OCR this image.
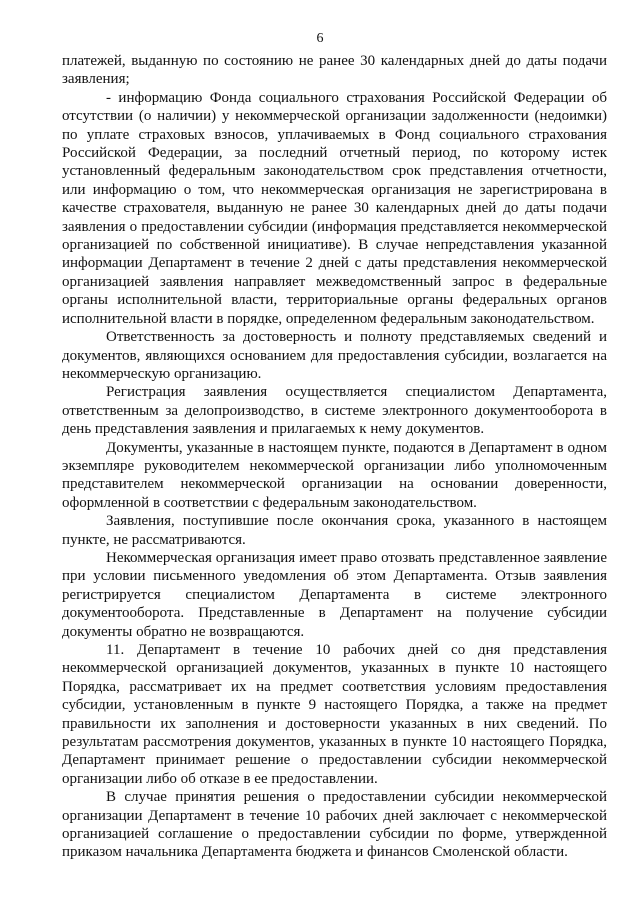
6

платежей, выданную по состоянию не ранее 30 календарных дней до даты подачи заявления;

- информацию Фонда социального страхования Российской Федерации об отсутствии (о наличии) у некоммерческой организации задолженности (недоимки) по уплате страховых взносов, уплачиваемых в Фонд социального страхования Российской Федерации, за последний отчетный период, по которому истек установленный федеральным законодательством срок представления отчетности, или информацию о том, что некоммерческая организация не зарегистрирована в качестве страхователя, выданную не ранее 30 календарных дней до даты подачи заявления о предоставлении субсидии (информация представляется некоммерческой организацией по собственной инициативе). В случае непредставления указанной информации Департамент в течение 2 дней с даты представления некоммерческой организацией заявления направляет межведомственный запрос в федеральные органы исполнительной власти, территориальные органы федеральных органов исполнительной власти в порядке, определенном федеральным законодательством.

Ответственность за достоверность и полноту представляемых сведений и документов, являющихся основанием для предоставления субсидии, возлагается на некоммерческую организацию.

Регистрация заявления осуществляется специалистом Департамента, ответственным за делопроизводство, в системе электронного документооборота в день представления заявления и прилагаемых к нему документов.

Документы, указанные в настоящем пункте, подаются в Департамент в одном экземпляре руководителем некоммерческой организации либо уполномоченным представителем некоммерческой организации на основании доверенности, оформленной в соответствии с федеральным законодательством.

Заявления, поступившие после окончания срока, указанного в настоящем пункте, не рассматриваются.

Некоммерческая организация имеет право отозвать представленное заявление при условии письменного уведомления об этом Департамента. Отзыв заявления регистрируется специалистом Департамента в системе электронного документооборота. Представленные в Департамент на получение субсидии документы обратно не возвращаются.

11. Департамент в течение 10 рабочих дней со дня представления некоммерческой организацией документов, указанных в пункте 10 настоящего Порядка, рассматривает их на предмет соответствия условиям предоставления субсидии, установленным в пункте 9 настоящего Порядка, а также на предмет правильности их заполнения и достоверности указанных в них сведений. По результатам рассмотрения документов, указанных в пункте 10 настоящего Порядка, Департамент принимает решение о предоставлении субсидии некоммерческой организации либо об отказе в ее предоставлении.

В случае принятия решения о предоставлении субсидии некоммерческой организации Департамент в течение 10 рабочих дней заключает с некоммерческой организацией соглашение о предоставлении субсидии по форме, утвержденной приказом начальника Департамента бюджета и финансов Смоленской области.
